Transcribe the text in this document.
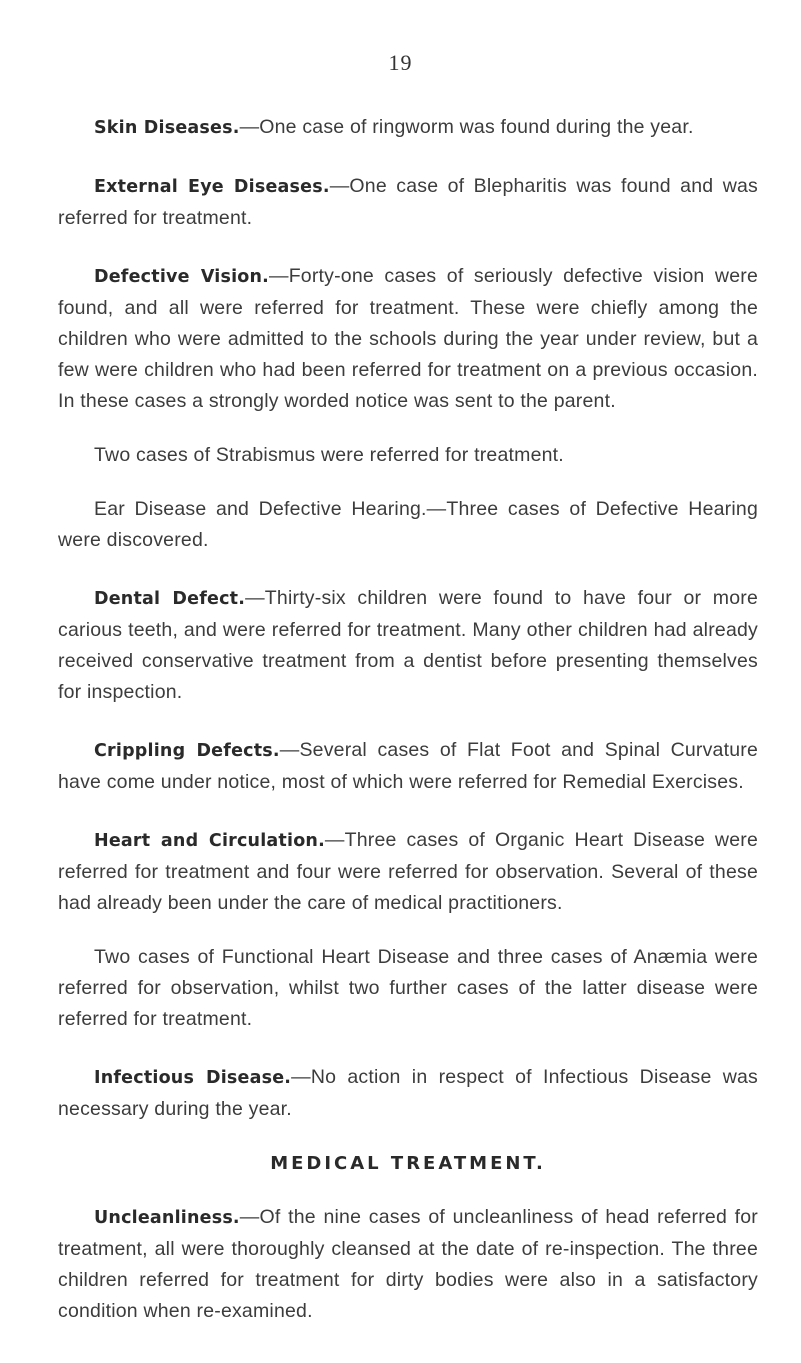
19

Skin Diseases.—One case of ringworm was found during the year.

External Eye Diseases.—One case of Blepharitis was found and was referred for treatment.

Defective Vision.—Forty-one cases of seriously defective vision were found, and all were referred for treatment. These were chiefly among the children who were admitted to the schools during the year under review, but a few were children who had been referred for treatment on a previous occasion. In these cases a strongly worded notice was sent to the parent.

Two cases of Strabismus were referred for treatment.

Ear Disease and Defective Hearing.—Three cases of Defective Hearing were discovered.

Dental Defect.—Thirty-six children were found to have four or more carious teeth, and were referred for treatment. Many other children had already received conservative treatment from a dentist before presenting themselves for inspection.

Crippling Defects.—Several cases of Flat Foot and Spinal Curvature have come under notice, most of which were referred for Remedial Exercises.

Heart and Circulation.—Three cases of Organic Heart Disease were referred for treatment and four were referred for observation. Several of these had already been under the care of medical practitioners.

Two cases of Functional Heart Disease and three cases of Anæmia were referred for observation, whilst two further cases of the latter disease were referred for treatment.

Infectious Disease.—No action in respect of Infectious Disease was necessary during the year.

MEDICAL TREATMENT.

Uncleanliness.—Of the nine cases of uncleanliness of head referred for treatment, all were thoroughly cleansed at the date of re-inspection. The three children referred for treatment for dirty bodies were also in a satisfactory condition when re-examined.
